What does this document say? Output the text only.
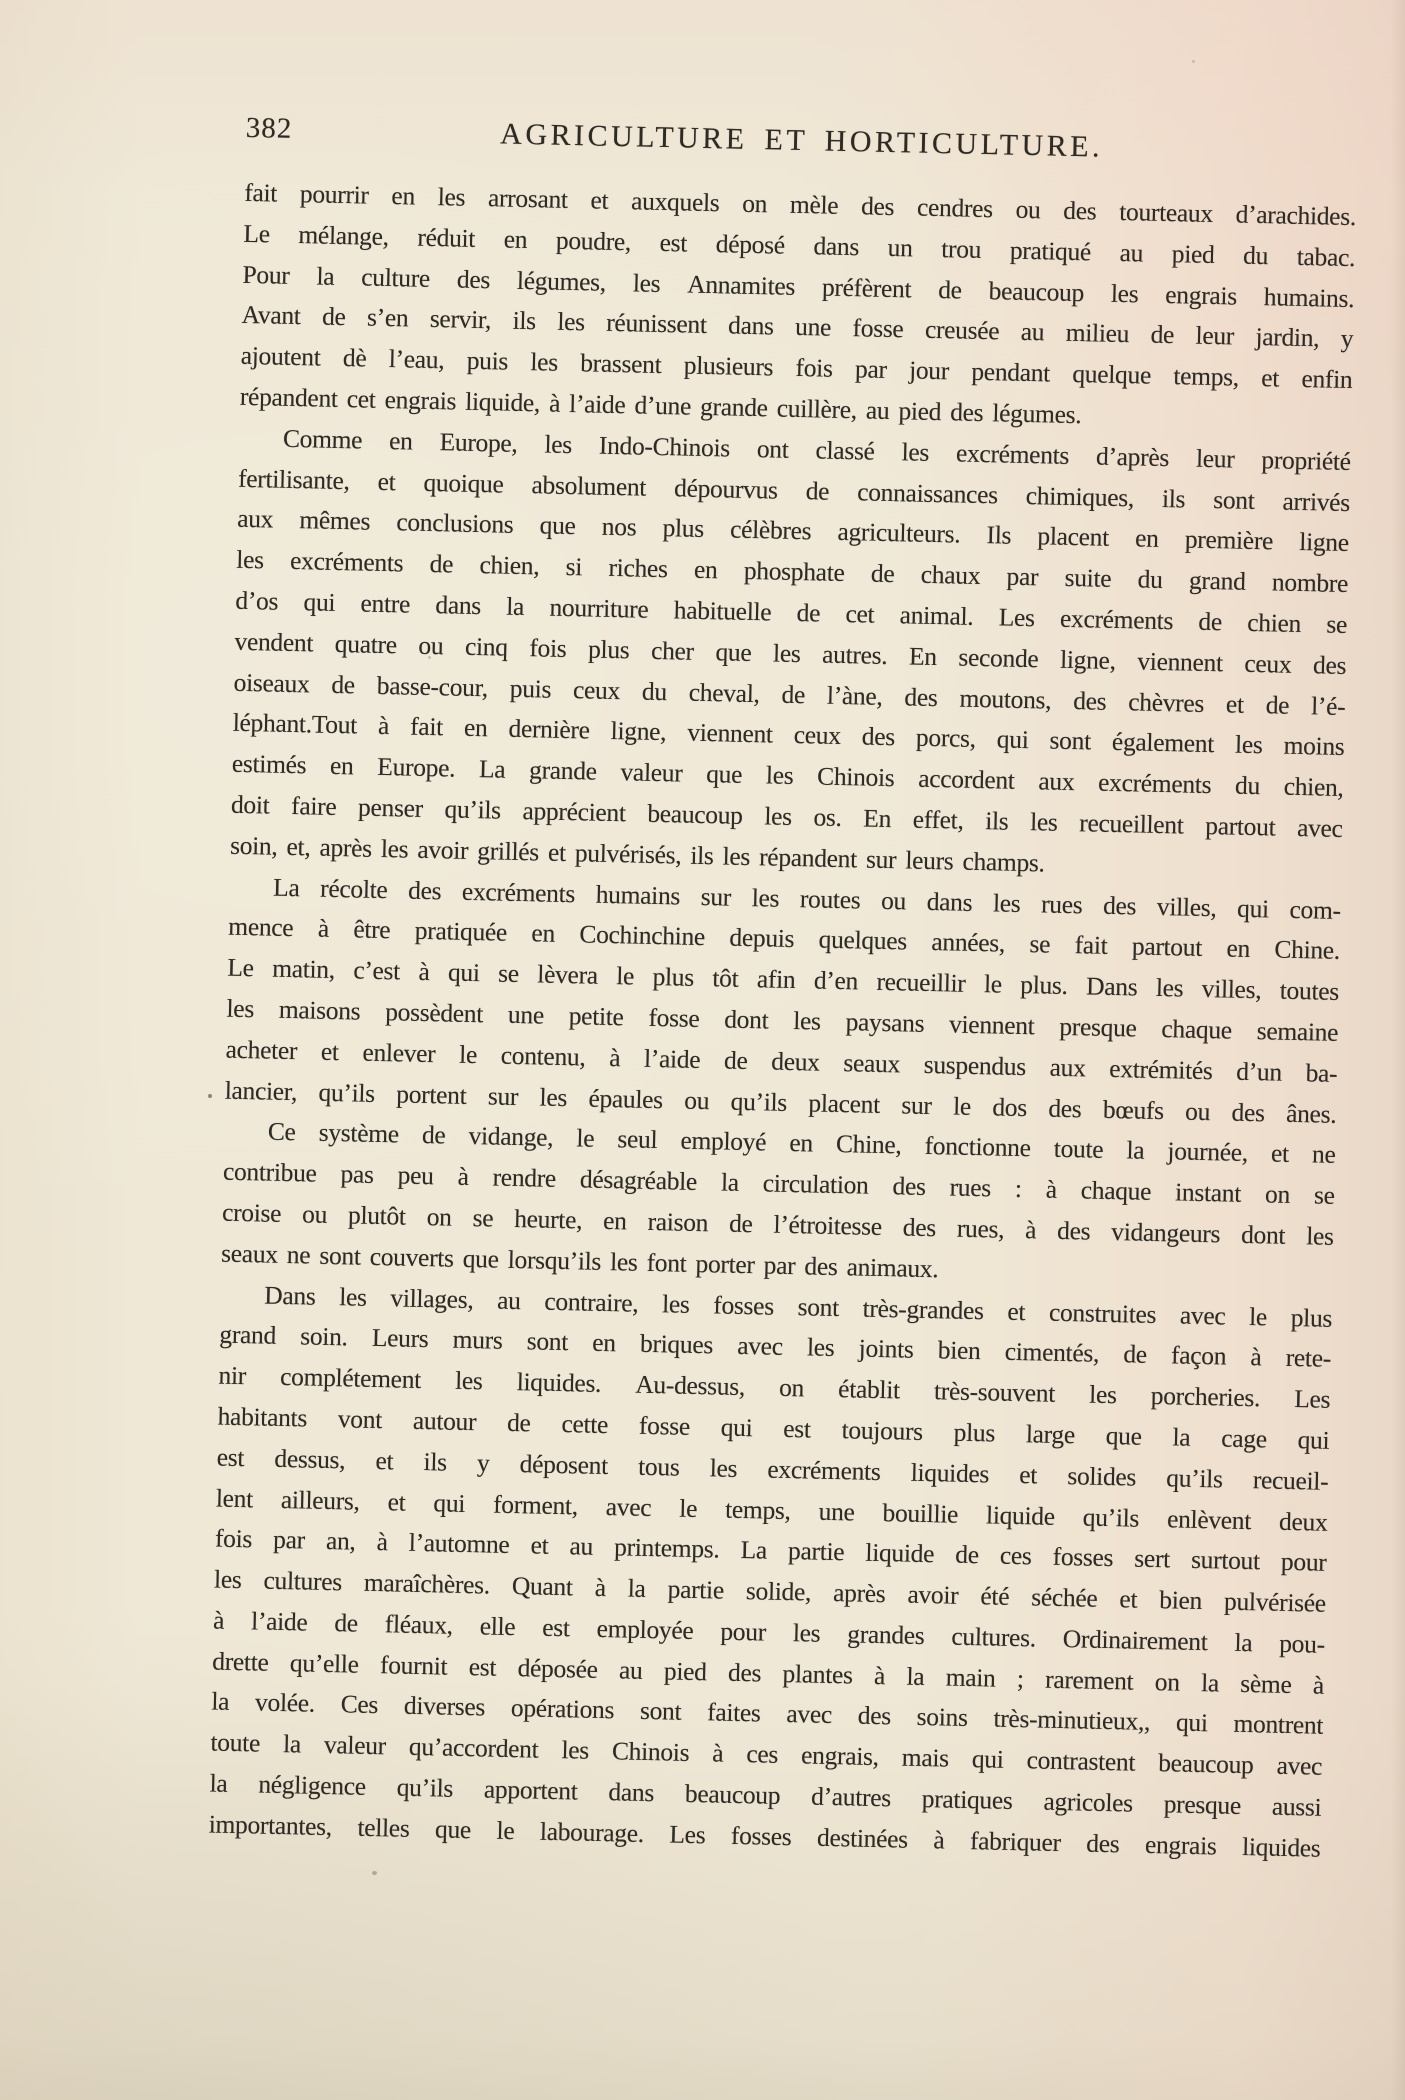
382	AGRICULTURE ET HORTICULTURE.
fait pourrir en les arrosant et auxquels on mèle des cendres ou des tourteaux d’arachides.
Le mélange, réduit en poudre, est déposé dans un trou pratiqué au pied du tabac.
Pour la culture des légumes, les Annamites préfèrent de beaucoup les engrais humains.
Avant de s’en servir, ils les réunissent dans une fosse creusée au milieu de leur jardin, y
ajoutent dè l’eau, puis les brassent plusieurs fois par jour pendant quelque temps, et enfin
répandent cet engrais liquide, à l’aide d’une grande cuillère, au pied des légumes.
Comme en Europe, les Indo-Chinois ont classé les excréments d’après leur propriété
fertilisante, et quoique absolument dépourvus de connaissances chimiques, ils sont arrivés
aux mêmes conclusions que nos plus célèbres agriculteurs. Ils placent en première ligne
les excréments de chien, si riches en phosphate de chaux par suite du grand nombre
d’os qui entre dans la nourriture habituelle de cet animal. Les excréments de chien se
vendent quatre ou cinq fois plus cher que les autres. En seconde ligne, viennent ceux des
oiseaux de basse-cour, puis ceux du cheval, de l’àne, des moutons, des chèvres et de l’é-
léphant.Tout à fait en dernière ligne, viennent ceux des porcs, qui sont également les moins
estimés en Europe. La grande valeur que les Chinois accordent aux excréments du chien,
doit faire penser qu’ils apprécient beaucoup les os. En effet, ils les recueillent partout avec
soin, et, après les avoir grillés et pulvérisés, ils les répandent sur leurs champs.
La récolte des excréments humains sur les routes ou dans les rues des villes, qui com-
mence à être pratiquée en Cochinchine depuis quelques années, se fait partout en Chine.
Le matin, c’est à qui se lèvera le plus tôt afin d’en recueillir le plus. Dans les villes, toutes
les maisons possèdent une petite fosse dont les paysans viennent presque chaque semaine
acheter et enlever le contenu, à l’aide de deux seaux suspendus aux extrémités d’un ba-
lancier, qu’ils portent sur les épaules ou qu’ils placent sur le dos des bœufs ou des ânes.
Ce système de vidange, le seul employé en Chine, fonctionne toute la journée, et ne
contribue pas peu à rendre désagréable la circulation des rues : à chaque instant on se
croise ou plutôt on se heurte, en raison de l’étroitesse des rues, à des vidangeurs dont les
seaux ne sont couverts que lorsqu’ils les font porter par des animaux.
Dans les villages, au contraire, les fosses sont très-grandes et construites avec le plus
grand soin. Leurs murs sont en briques avec les joints bien cimentés, de façon à rete-
nir complétement les liquides. Au-dessus, on établit très-souvent les porcheries. Les
habitants vont autour de cette fosse qui est toujours plus large que la cage qui
est dessus, et ils y déposent tous les excréments liquides et solides qu’ils recueil-
lent ailleurs, et qui forment, avec le temps, une bouillie liquide qu’ils enlèvent deux
fois par an, à l’automne et au printemps. La partie liquide de ces fosses sert surtout pour
les cultures maraîchères. Quant à la partie solide, après avoir été séchée et bien pulvérisée
à l’aide de fléaux, elle est employée pour les grandes cultures. Ordinairement la pou-
drette qu’elle fournit est déposée au pied des plantes à la main ; rarement on la sème à
la volée. Ces diverses opérations sont faites avec des soins très-minutieux,, qui montrent
toute la valeur qu’accordent les Chinois à ces engrais, mais qui contrastent beaucoup avec
la négligence qu’ils apportent dans beaucoup d’autres pratiques agricoles presque aussi
importantes, telles que le labourage. Les fosses destinées à fabriquer des engrais liquides
